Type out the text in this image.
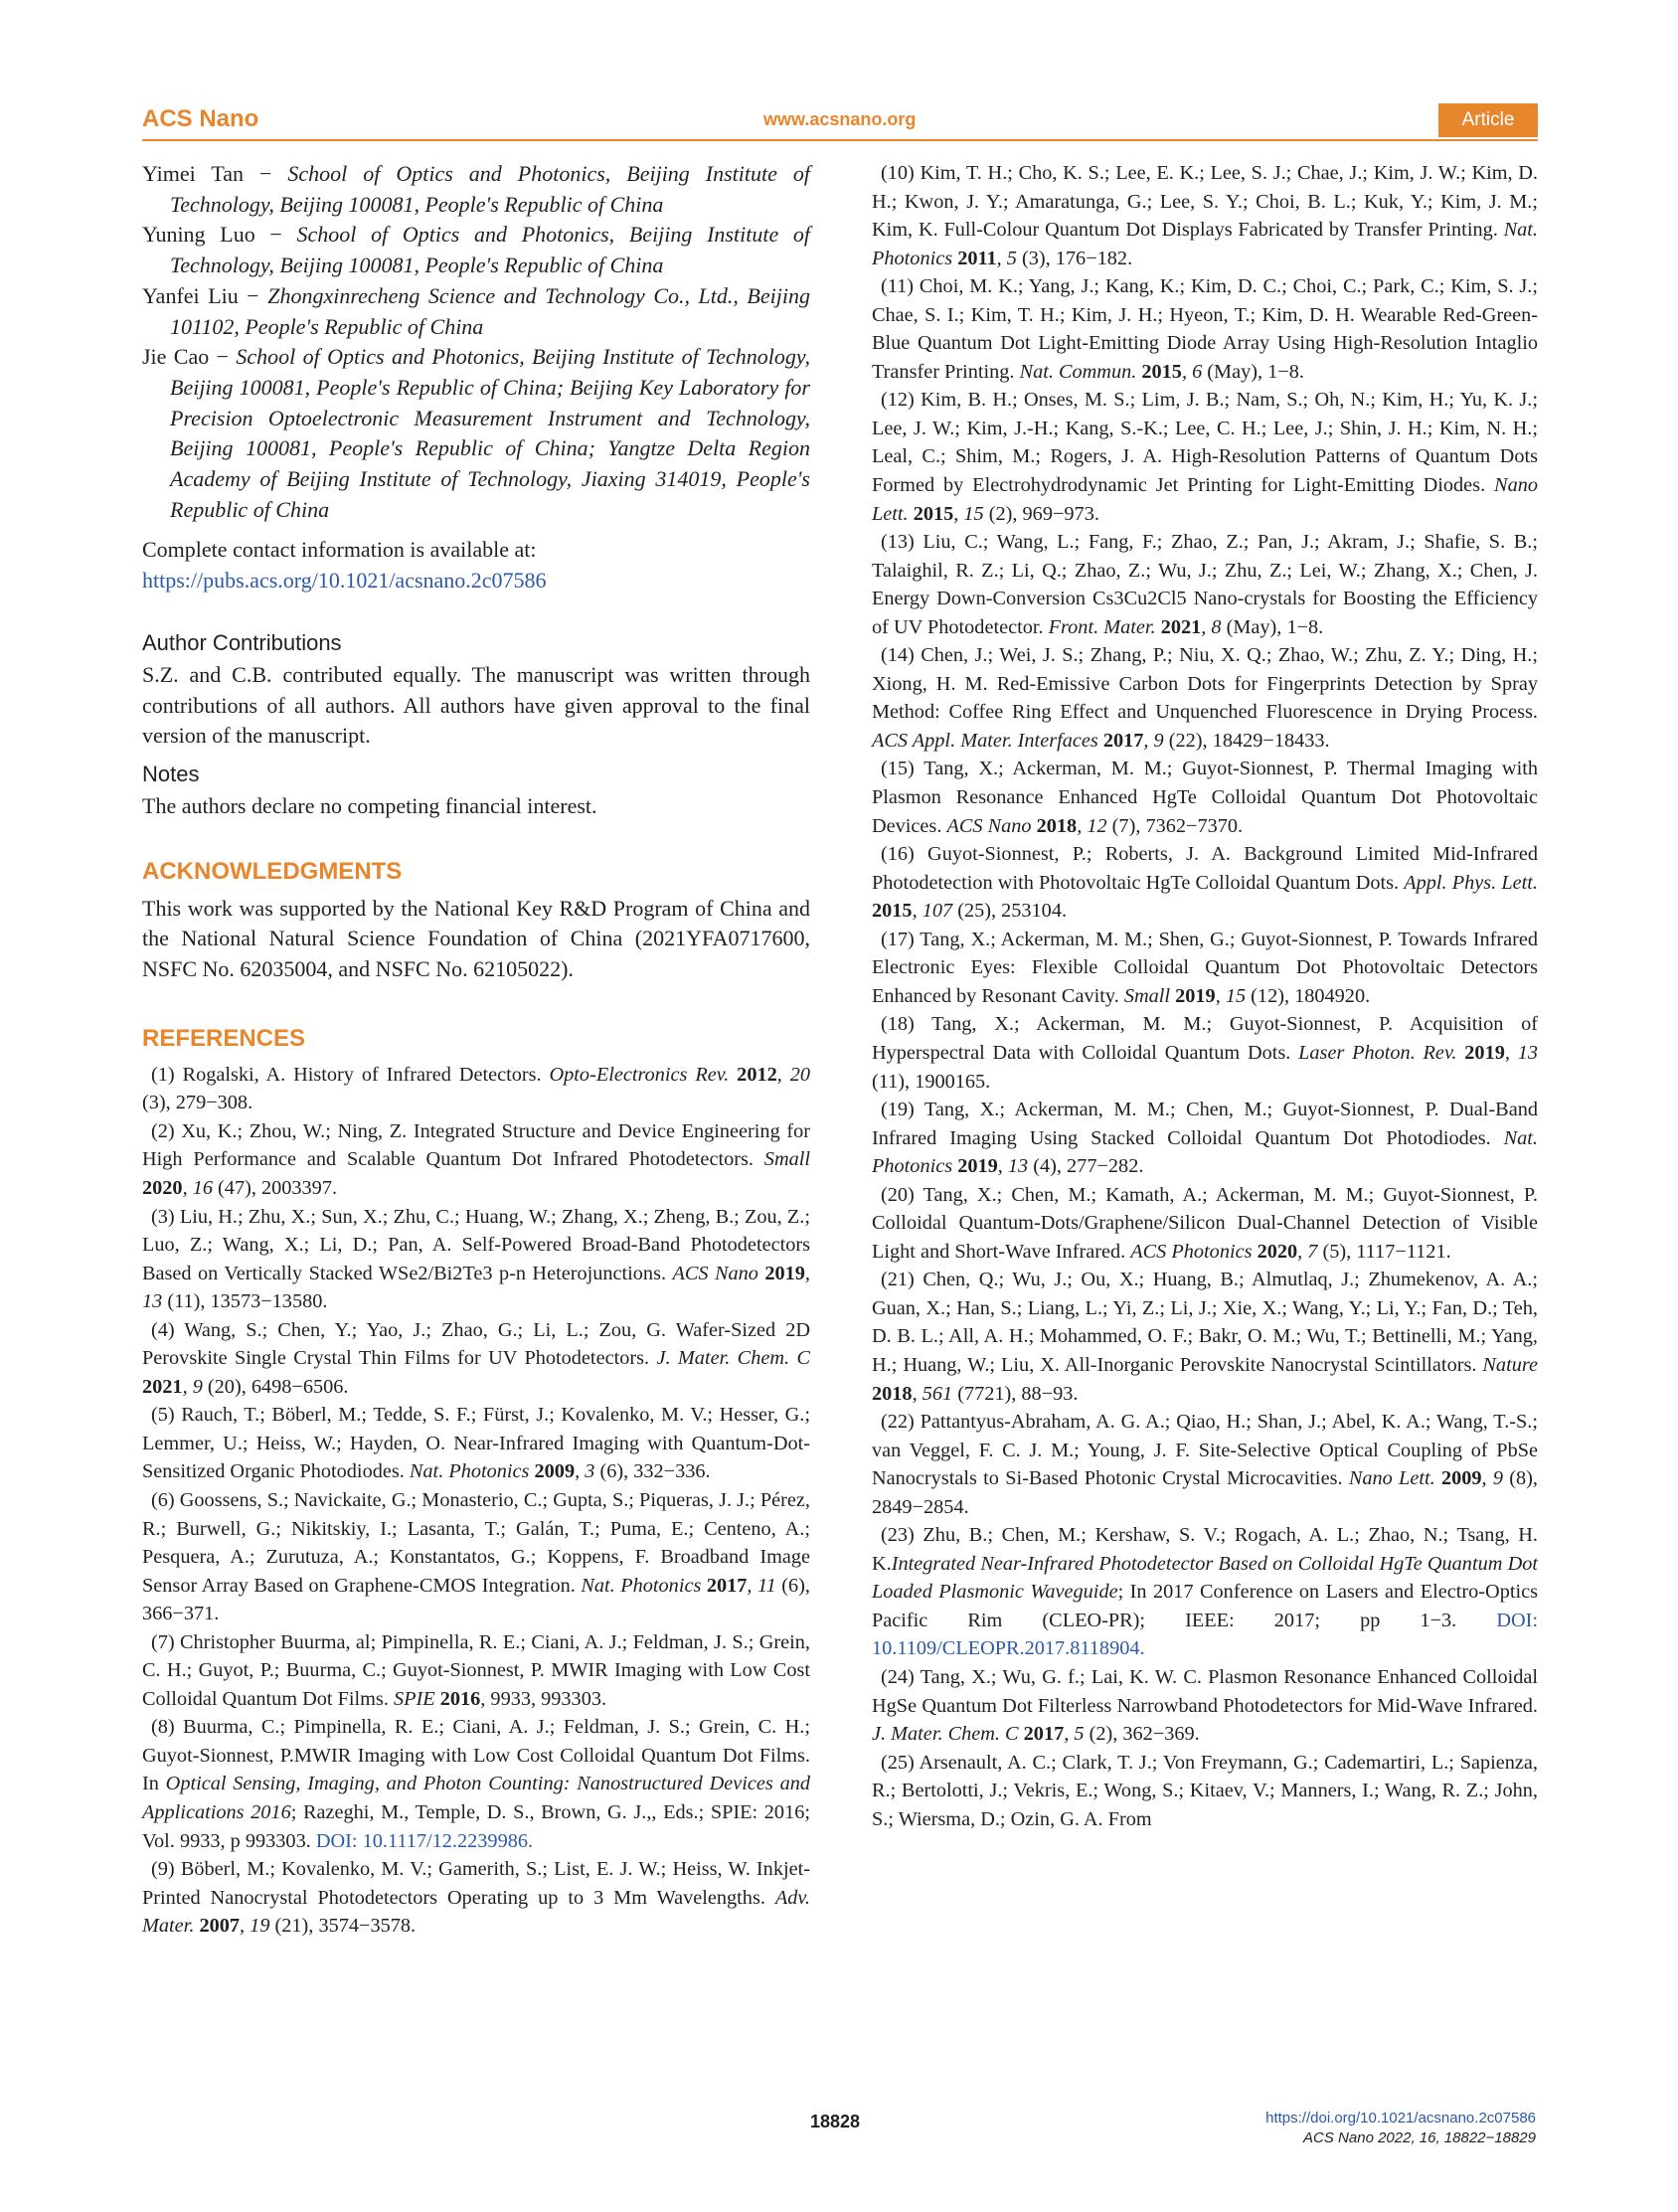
ACS Nano	www.acsnano.org	Article

Yimei Tan − School of Optics and Photonics, Beijing Institute of Technology, Beijing 100081, People's Republic of China

Yuning Luo − School of Optics and Photonics, Beijing Institute of Technology, Beijing 100081, People's Republic of China

Yanfei Liu − Zhongxinrecheng Science and Technology Co., Ltd., Beijing 101102, People's Republic of China

Jie Cao − School of Optics and Photonics, Beijing Institute of Technology, Beijing 100081, People's Republic of China; Beijing Key Laboratory for Precision Optoelectronic Measurement Instrument and Technology, Beijing 100081, People's Republic of China; Yangtze Delta Region Academy of Beijing Institute of Technology, Jiaxing 314019, People's Republic of China

Complete contact information is available at:
https://pubs.acs.org/10.1021/acsnano.2c07586

Author Contributions

S.Z. and C.B. contributed equally. The manuscript was written through contributions of all authors. All authors have given approval to the final version of the manuscript.

Notes

The authors declare no competing financial interest.

ACKNOWLEDGMENTS

This work was supported by the National Key R&D Program of China and the National Natural Science Foundation of China (2021YFA0717600, NSFC No. 62035004, and NSFC No. 62105022).

REFERENCES

(1) Rogalski, A. History of Infrared Detectors. Opto-Electronics Rev. 2012, 20 (3), 279−308.

(2) Xu, K.; Zhou, W.; Ning, Z. Integrated Structure and Device Engineering for High Performance and Scalable Quantum Dot Infrared Photodetectors. Small 2020, 16 (47), 2003397.

(3) Liu, H.; Zhu, X.; Sun, X.; Zhu, C.; Huang, W.; Zhang, X.; Zheng, B.; Zou, Z.; Luo, Z.; Wang, X.; Li, D.; Pan, A. Self-Powered Broad-Band Photodetectors Based on Vertically Stacked WSe2/Bi2Te3 p-n Heterojunctions. ACS Nano 2019, 13 (11), 13573−13580.

(4) Wang, S.; Chen, Y.; Yao, J.; Zhao, G.; Li, L.; Zou, G. Wafer-Sized 2D Perovskite Single Crystal Thin Films for UV Photodetectors. J. Mater. Chem. C 2021, 9 (20), 6498−6506.

(5) Rauch, T.; Böberl, M.; Tedde, S. F.; Fürst, J.; Kovalenko, M. V.; Hesser, G.; Lemmer, U.; Heiss, W.; Hayden, O. Near-Infrared Imaging with Quantum-Dot-Sensitized Organic Photodiodes. Nat. Photonics 2009, 3 (6), 332−336.

(6) Goossens, S.; Navickaite, G.; Monasterio, C.; Gupta, S.; Piqueras, J. J.; Pérez, R.; Burwell, G.; Nikitskiy, I.; Lasanta, T.; Galán, T.; Puma, E.; Centeno, A.; Pesquera, A.; Zurutuza, A.; Konstantatos, G.; Koppens, F. Broadband Image Sensor Array Based on Graphene-CMOS Integration. Nat. Photonics 2017, 11 (6), 366−371.

(7) Christopher Buurma, al; Pimpinella, R. E.; Ciani, A. J.; Feldman, J. S.; Grein, C. H.; Guyot, P.; Buurma, C.; Guyot-Sionnest, P. MWIR Imaging with Low Cost Colloidal Quantum Dot Films. SPIE 2016, 9933, 993303.

(8) Buurma, C.; Pimpinella, R. E.; Ciani, A. J.; Feldman, J. S.; Grein, C. H.; Guyot-Sionnest, P.MWIR Imaging with Low Cost Colloidal Quantum Dot Films. In Optical Sensing, Imaging, and Photon Counting: Nanostructured Devices and Applications 2016; Razeghi, M., Temple, D. S., Brown, G. J.,, Eds.; SPIE: 2016; Vol. 9933, p 993303. DOI: 10.1117/12.2239986.

(9) Böberl, M.; Kovalenko, M. V.; Gamerith, S.; List, E. J. W.; Heiss, W. Inkjet-Printed Nanocrystal Photodetectors Operating up to 3 Mm Wavelengths. Adv. Mater. 2007, 19 (21), 3574−3578.

(10) Kim, T. H.; Cho, K. S.; Lee, E. K.; Lee, S. J.; Chae, J.; Kim, J. W.; Kim, D. H.; Kwon, J. Y.; Amaratunga, G.; Lee, S. Y.; Choi, B. L.; Kuk, Y.; Kim, J. M.; Kim, K. Full-Colour Quantum Dot Displays Fabricated by Transfer Printing. Nat. Photonics 2011, 5 (3), 176−182.

(11) Choi, M. K.; Yang, J.; Kang, K.; Kim, D. C.; Choi, C.; Park, C.; Kim, S. J.; Chae, S. I.; Kim, T. H.; Kim, J. H.; Hyeon, T.; Kim, D. H. Wearable Red-Green-Blue Quantum Dot Light-Emitting Diode Array Using High-Resolution Intaglio Transfer Printing. Nat. Commun. 2015, 6 (May), 1−8.

(12) Kim, B. H.; Onses, M. S.; Lim, J. B.; Nam, S.; Oh, N.; Kim, H.; Yu, K. J.; Lee, J. W.; Kim, J.-H.; Kang, S.-K.; Lee, C. H.; Lee, J.; Shin, J. H.; Kim, N. H.; Leal, C.; Shim, M.; Rogers, J. A. High-Resolution Patterns of Quantum Dots Formed by Electrohydrodynamic Jet Printing for Light-Emitting Diodes. Nano Lett. 2015, 15 (2), 969−973.

(13) Liu, C.; Wang, L.; Fang, F.; Zhao, Z.; Pan, J.; Akram, J.; Shafie, S. B.; Talaighil, R. Z.; Li, Q.; Zhao, Z.; Wu, J.; Zhu, Z.; Lei, W.; Zhang, X.; Chen, J. Energy Down-Conversion Cs3Cu2Cl5 Nano-crystals for Boosting the Efficiency of UV Photodetector. Front. Mater. 2021, 8 (May), 1−8.

(14) Chen, J.; Wei, J. S.; Zhang, P.; Niu, X. Q.; Zhao, W.; Zhu, Z. Y.; Ding, H.; Xiong, H. M. Red-Emissive Carbon Dots for Fingerprints Detection by Spray Method: Coffee Ring Effect and Unquenched Fluorescence in Drying Process. ACS Appl. Mater. Interfaces 2017, 9 (22), 18429−18433.

(15) Tang, X.; Ackerman, M. M.; Guyot-Sionnest, P. Thermal Imaging with Plasmon Resonance Enhanced HgTe Colloidal Quantum Dot Photovoltaic Devices. ACS Nano 2018, 12 (7), 7362−7370.

(16) Guyot-Sionnest, P.; Roberts, J. A. Background Limited Mid-Infrared Photodetection with Photovoltaic HgTe Colloidal Quantum Dots. Appl. Phys. Lett. 2015, 107 (25), 253104.

(17) Tang, X.; Ackerman, M. M.; Shen, G.; Guyot-Sionnest, P. Towards Infrared Electronic Eyes: Flexible Colloidal Quantum Dot Photovoltaic Detectors Enhanced by Resonant Cavity. Small 2019, 15 (12), 1804920.

(18) Tang, X.; Ackerman, M. M.; Guyot-Sionnest, P. Acquisition of Hyperspectral Data with Colloidal Quantum Dots. Laser Photon. Rev. 2019, 13 (11), 1900165.

(19) Tang, X.; Ackerman, M. M.; Chen, M.; Guyot-Sionnest, P. Dual-Band Infrared Imaging Using Stacked Colloidal Quantum Dot Photodiodes. Nat. Photonics 2019, 13 (4), 277−282.

(20) Tang, X.; Chen, M.; Kamath, A.; Ackerman, M. M.; Guyot-Sionnest, P. Colloidal Quantum-Dots/Graphene/Silicon Dual-Channel Detection of Visible Light and Short-Wave Infrared. ACS Photonics 2020, 7 (5), 1117−1121.

(21) Chen, Q.; Wu, J.; Ou, X.; Huang, B.; Almutlaq, J.; Zhumekenov, A. A.; Guan, X.; Han, S.; Liang, L.; Yi, Z.; Li, J.; Xie, X.; Wang, Y.; Li, Y.; Fan, D.; Teh, D. B. L.; All, A. H.; Mohammed, O. F.; Bakr, O. M.; Wu, T.; Bettinelli, M.; Yang, H.; Huang, W.; Liu, X. All-Inorganic Perovskite Nanocrystal Scintillators. Nature 2018, 561 (7721), 88−93.

(22) Pattantyus-Abraham, A. G. A.; Qiao, H.; Shan, J.; Abel, K. A.; Wang, T.-S.; van Veggel, F. C. J. M.; Young, J. F. Site-Selective Optical Coupling of PbSe Nanocrystals to Si-Based Photonic Crystal Microcavities. Nano Lett. 2009, 9 (8), 2849−2854.

(23) Zhu, B.; Chen, M.; Kershaw, S. V.; Rogach, A. L.; Zhao, N.; Tsang, H. K.Integrated Near-Infrared Photodetector Based on Colloidal HgTe Quantum Dot Loaded Plasmonic Waveguide; In 2017 Conference on Lasers and Electro-Optics Pacific Rim (CLEO-PR); IEEE: 2017; pp 1−3. DOI: 10.1109/CLEOPR.2017.8118904.

(24) Tang, X.; Wu, G. f.; Lai, K. W. C. Plasmon Resonance Enhanced Colloidal HgSe Quantum Dot Filterless Narrowband Photodetectors for Mid-Wave Infrared. J. Mater. Chem. C 2017, 5 (2), 362−369.

(25) Arsenault, A. C.; Clark, T. J.; Von Freymann, G.; Cademartiri, L.; Sapienza, R.; Bertolotti, J.; Vekris, E.; Wong, S.; Kitaev, V.; Manners, I.; Wang, R. Z.; John, S.; Wiersma, D.; Ozin, G. A. From

18828	https://doi.org/10.1021/acsnano.2c07586
ACS Nano 2022, 16, 18822−18829
